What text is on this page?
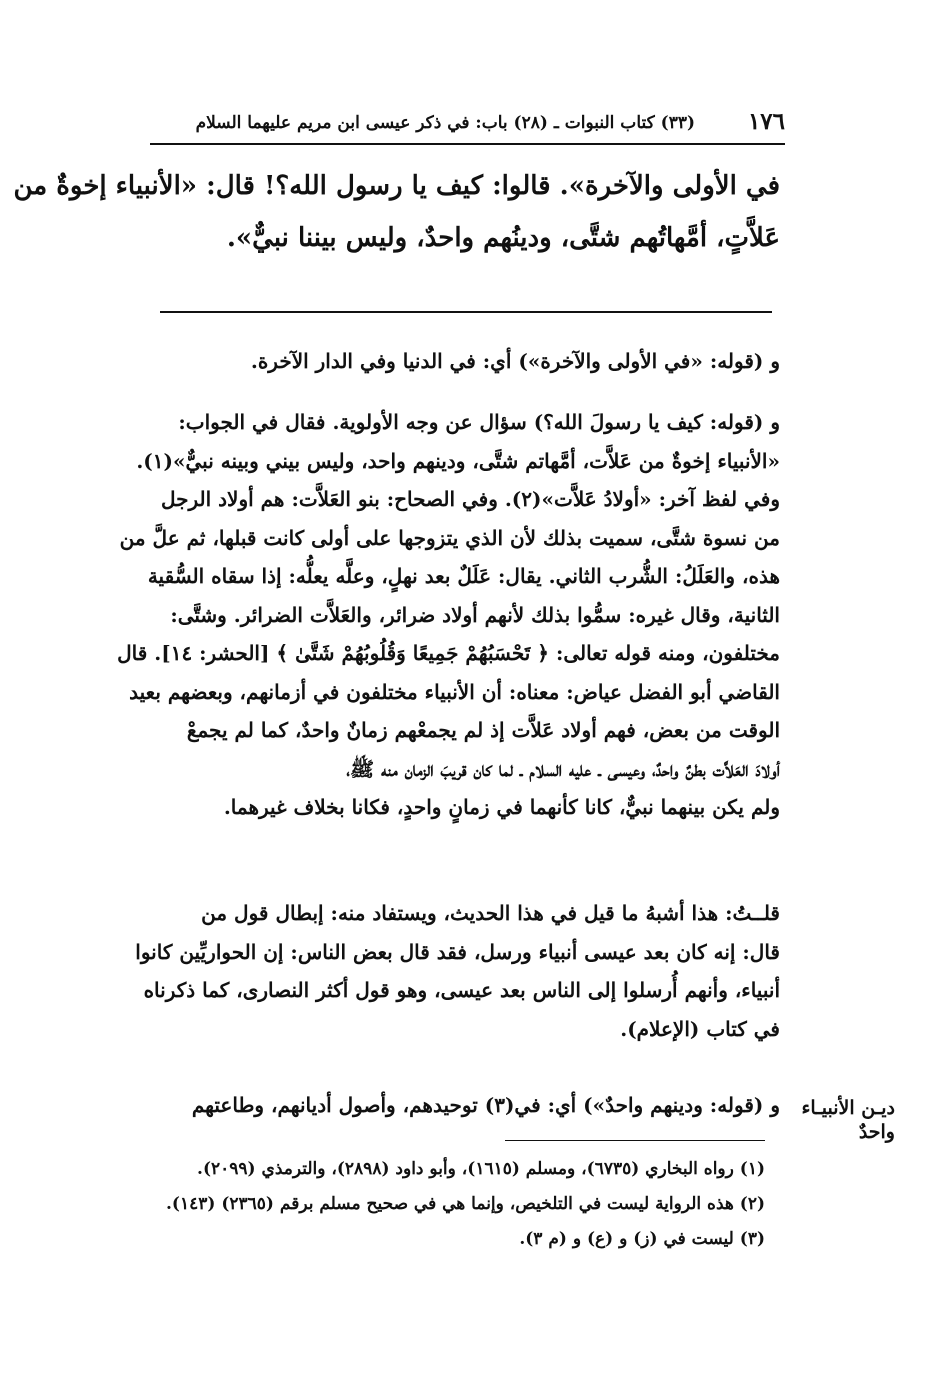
١٧٦
(٣٣) كتاب النبوات ـ (٢٨) باب: في ذكر عيسى ابن مريم عليهما السلام
في الأولى والآخرة». قالوا: كيف يا رسول الله؟! قال: «الأنبياء إخوةٌ من
عَلاَّتٍ، أمَّهاتُهم شتَّى، ودينُهم واحدٌ، وليس بيننا نبيٌّ».
و (قوله: «في الأولى والآخرة») أي: في الدنيا وفي الدار الآخرة.
و (قوله: كيف يا رسولَ الله؟) سؤال عن وجه الأولوية. فقال في الجواب:
«الأنبياء إخوةٌ من عَلاَّت، أمَّهاتم شتَّى، ودينهم واحد، وليس بيني وبينه نبيٌّ»(١).
وفي لفظ آخر: «أولادُ عَلاَّت»(٢). وفي الصحاح: بنو العَلاَّت: هم أولاد الرجل
من نسوة شتَّى، سميت بذلك لأن الذي يتزوجها على أولى كانت قبلها، ثم علَّ من
هذه، والعَلَلُ: الشُّرب الثاني. يقال: عَلَلٌ بعد نهلٍ، وعلَّه يعلُّه: إذا سقاه السُّقية
الثانية، وقال غيره: سمُّوا بذلك لأنهم أولاد ضرائر، والعَلاَّت الضرائر. وشتَّى:
مختلفون، ومنه قوله تعالى: ﴿ تَحْسَبُهُمْ جَمِيعًا وَقُلُوبُهُمْ شَتَّىٰ ﴾ [الحشر: ١٤]. قال
القاضي أبو الفضل عياض: معناه: أن الأنبياء مختلفون في أزمانهم، وبعضهم بعيد
الوقت من بعض، فهم أولاد عَلاَّت إذ لم يجمعْهم زمانٌ واحدٌ، كما لم يجمعْ
أولادَ العَلاَّت بطنٌ واحدٌ، وعيسى ـ عليه السلام ـ لما كان قريبَ الزمان منه ﷺ،
ولم يكن بينهما نبيٌّ، كانا كأنهما في زمانٍ واحدٍ، فكانا بخلاف غيرهما.
قلــتُ: هذا أشبهُ ما قيل في هذا الحديث، ويستفاد منه: إبطال قول من
قال: إنه كان بعد عيسى أنبياء ورسل، فقد قال بعض الناس: إن الحواريِّين كانوا
أنبياء، وأنهم أُرسلوا إلى الناس بعد عيسى، وهو قول أكثر النصارى، كما ذكرناه
في كتاب (الإعلام).
و (قوله: ودينهم واحدٌ») أي: في(٣) توحيدهم، وأصول أديانهم، وطاعتهم	ديـن الأنبيـاء
واحدٌ
(١) رواه البخاري (٦٧٣٥)، ومسلم (١٦١٥)، وأبو داود (٢٨٩٨)، والترمذي (٢٠٩٩).
(٢) هذه الرواية ليست في التلخيص، وإنما هي في صحيح مسلم برقم (٢٣٦٥) (١٤٣).
(٣) ليست في (ز) و (ع) و (م ٣).
